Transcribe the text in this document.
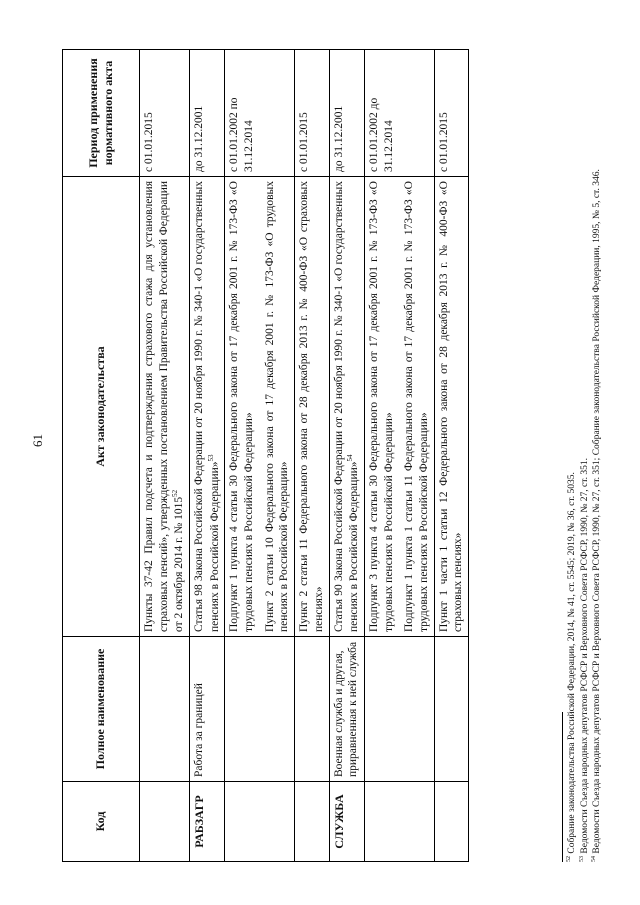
61
Код	Полное наименование	Акт законодательства	Период применения нормативного акта
		Пункты 37-42 Правил подсчета и подтверждения страхового стажа для установления страховых пенсий», утвержденных постановлением Правительства Российской Федерации от 2 октября 2014 г. № 1015$^{52}$	с 01.01.2015
РАБЗАГР	Работа за границей	Статья 98 Закона Российской Федерации от 20 ноября 1990 г. № 340-1 «О государственных пенсиях в Российской Федерации»$^{53}$	до 31.12.2001

		Подпункт 1 пункта 4 статьи 30 Федерального закона от 17 декабря 2001 г. № 173-ФЗ «О трудовых пенсиях в Российской Федерации» Пункт 2 статьи 10 Федерального закона от 17 декабря 2001 г. № 173-ФЗ «О трудовых пенсиях в Российской Федерации»	с 01.01.2002 по 31.12.2014
		Пункт 2 статьи 11 Федерального закона от 28 декабря 2013 г. № 400-ФЗ «О страховых пенсиях»	с 01.01.2015
СЛУЖБА	Военная служба и другая, приравненная к ней служба	Статья 90 Закона Российской Федерации от 20 ноября 1990 г. № 340-1 «О государственных пенсиях в Российской Федерации»$^{54}$	до 31.12.2001

		Подпункт 3 пункта 4 статьи 30 Федерального закона от 17 декабря 2001 г. № 173-ФЗ «О трудовых пенсиях в Российской Федерации» Подпункт 1 пункта 1 статьи 11 Федерального закона от 17 декабря 2001 г. № 173-ФЗ «О трудовых пенсиях в Российской Федерации»	с 01.01.2002 до 31.12.2014
		Пункт 1 части 1 статьи 12 Федерального закона от 28 декабря 2013 г. № 400-ФЗ «О страховых пенсиях»	с 01.01.2015
$^{52}$ Собрание законодательства Российской Федерации, 2014, № 41, ст. 5545; 2019, № 36, ст. 5035.
$^{53}$ Ведомости Съезда народных депутатов РСФСР и Верховного Совета РСФСР, 1990, № 27, ст. 351.
$^{54}$ Ведомости Съезда народных депутатов РСФСР и Верховного Совета РСФСР, 1990, № 27, ст. 351; Собрание законодательства Российской Федерации, 1995, № 5, ст. 346.
